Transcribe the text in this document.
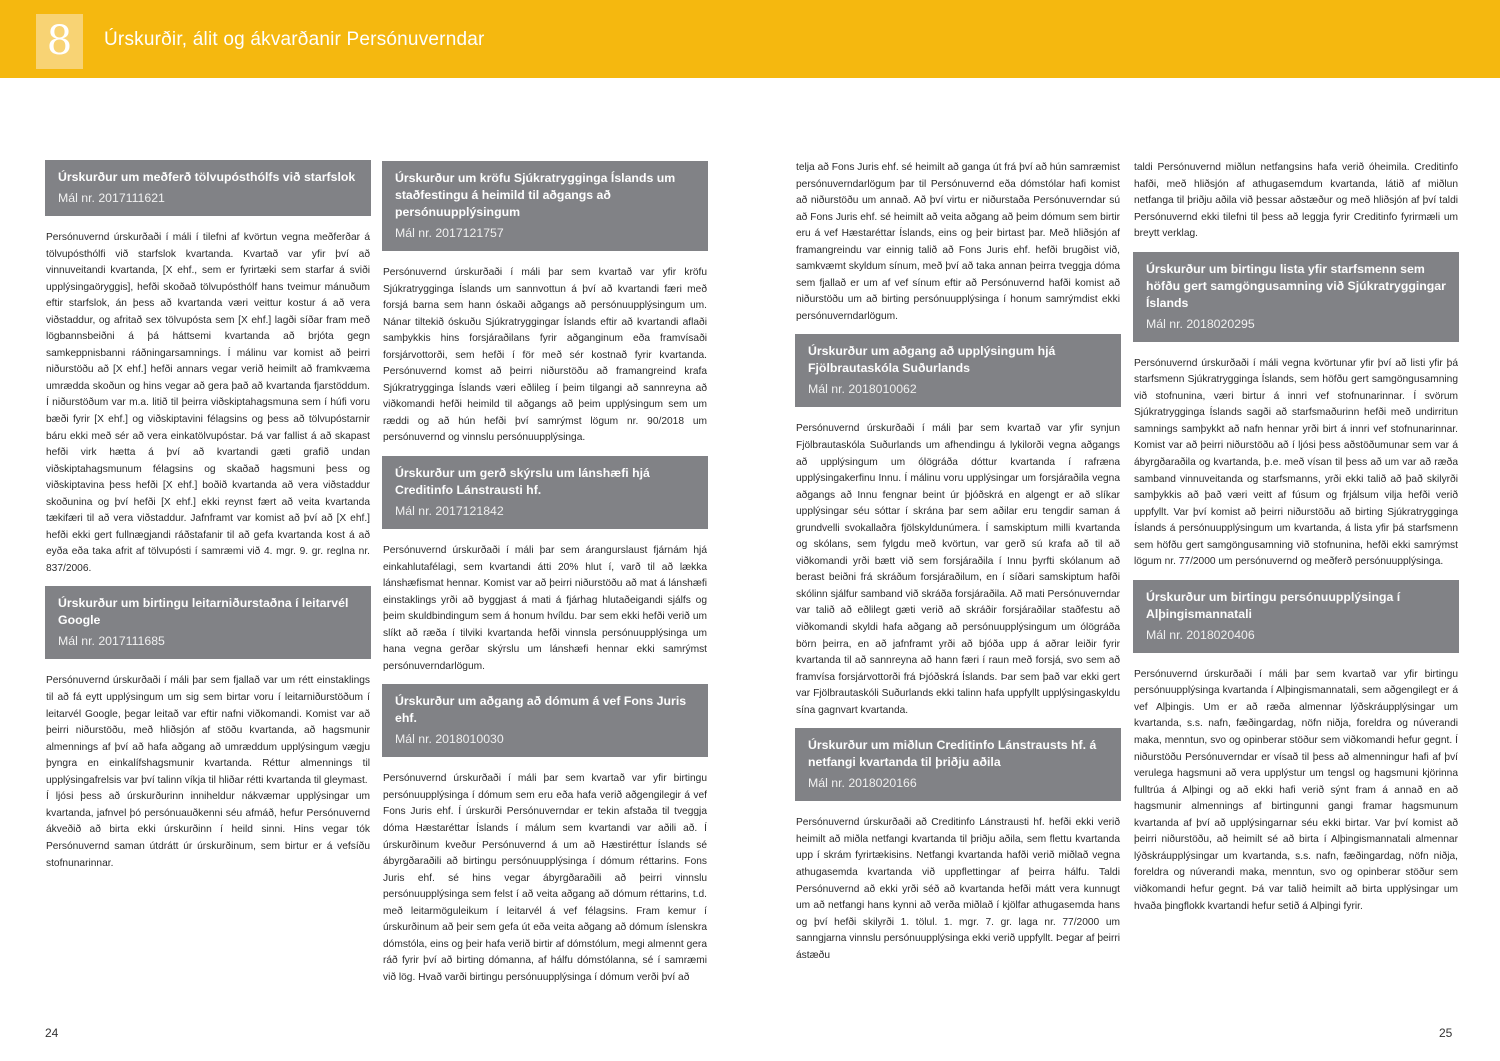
8	Úrskurðir, álit og ákvarðanir Persónuverndar
Úrskurður um meðferð tölvupósthólfs við starfslok
Mál nr. 2017111621

Persónuvernd úrskurðaði í máli í tilefni af kvörtun vegna meðferðar á tölvupósthólfi við starfslok kvartanda. Kvartað var yfir því að vinnuveitandi kvartanda, [X ehf., sem er fyrirtæki sem starfar á sviði upplýsingaöryggis], hefði skoðað tölvupósthólf hans tveimur mánuðum eftir starfslok, án þess að kvartanda væri veittur kostur á að vera viðstaddur, og afritað sex tölvupósta sem [X ehf.] lagði síðar fram með lögbannsbeiðni á þá háttsemi kvartanda að brjóta gegn samkeppnisbanni ráðningarsamnings. Í málinu var komist að þeirri niðurstöðu að [X ehf.] hefði annars vegar verið heimilt að framkvæma umrædda skoðun og hins vegar að gera það að kvartanda fjarstöddum. Í niðurstöðum var m.a. litið til þeirra viðskiptahagsmuna sem í húfi voru bæði fyrir [X ehf.] og viðskiptavini félagsins og þess að tölvupóstarnir báru ekki með sér að vera einkatölvupóstar. Þá var fallist á að skapast hefði virk hætta á því að kvartandi gæti grafið undan viðskiptahagsmunum félagsins og skaðað hagsmuni þess og viðskiptavina þess hefði [X ehf.] boðið kvartanda að vera viðstaddur skoðunina og því hefði [X ehf.] ekki reynst fært að veita kvartanda tækifæri til að vera viðstaddur. Jafnframt var komist að því að [X ehf.] hefði ekki gert fullnægjandi ráðstafanir til að gefa kvartanda kost á að eyða eða taka afrit af tölvupósti í samræmi við 4. mgr. 9. gr. reglna nr. 837/2006.

Úrskurður um birtingu leitarniðurstaðna í leitarvél Google
Mál nr. 2017111685

Persónuvernd úrskurðaði í máli þar sem fjallað var um rétt einstaklings til að fá eytt upplýsingum um sig sem birtar voru í leitarniðurstöðum í leitarvél Google, þegar leitað var eftir nafni viðkomandi. Komist var að þeirri niðurstöðu, með hliðsjón af stöðu kvartanda, að hagsmunir almennings af því að hafa aðgang að umræddum upplýsingum vægju þyngra en einkalífshagsmunir kvartanda. Réttur almennings til upplýsingafrelsis var því talinn víkja til hliðar rétti kvartanda til gleymast.

Í ljósi þess að úrskurðurinn inniheldur nákvæmar upplýsingar um kvartanda, jafnvel þó persónuauðkenni séu afmáð, hefur Persónuvernd ákveðið að birta ekki úrskurðinn í heild sinni. Hins vegar tók Persónuvernd saman útdrátt úr úrskurðinum, sem birtur er á vefsíðu stofnunarinnar.

Úrskurður um kröfu Sjúkratrygginga Íslands um staðfestingu á heimild til aðgangs að persónuupplýsingum
Mál nr. 2017121757

Persónuvernd úrskurðaði í máli þar sem kvartað var yfir kröfu Sjúkratrygginga Íslands um sannvottun á því að kvartandi færi með forsjá barna sem hann óskaði aðgangs að persónuupplýsingum um. Nánar tiltekið óskuðu Sjúkratryggingar Íslands eftir að kvartandi aflaði samþykkis hins forsjáraðilans fyrir aðganginum eða framvísaði forsjárvottorði, sem hefði í för með sér kostnað fyrir kvartanda. Persónuvernd komst að þeirri niðurstöðu að framangreind krafa Sjúkratrygginga Íslands væri eðlileg í þeim tilgangi að sannreyna að viðkomandi hefði heimild til aðgangs að þeim upplýsingum sem um ræddi og að hún hefði því samrýmst lögum nr. 90/2018 um persónuvernd og vinnslu persónuupplýsinga.

Úrskurður um gerð skýrslu um lánshæfi hjá Creditinfo Lánstrausti hf.
Mál nr. 2017121842

Persónuvernd úrskurðaði í máli þar sem árangurslaust fjárnám hjá einkahlutafélagi, sem kvartandi átti 20% hlut í, varð til að lækka lánshæfismat hennar. Komist var að þeirri niðurstöðu að mat á lánshæfi einstaklings yrði að byggjast á mati á fjárhag hlutaðeigandi sjálfs og þeim skuldbindingum sem á honum hvíldu. Þar sem ekki hefði verið um slíkt að ræða í tilviki kvartanda hefði vinnsla persónuupplýsinga um hana vegna gerðar skýrslu um lánshæfi hennar ekki samrýmst persónuverndarlögum.

Úrskurður um aðgang að dómum á vef Fons Juris ehf.
Mál nr. 2018010030

Persónuvernd úrskurðaði í máli þar sem kvartað var yfir birtingu persónuupplýsinga í dómum sem eru eða hafa verið aðgengilegir á vef Fons Juris ehf. Í úrskurði Persónuverndar er tekin afstaða til tveggja dóma Hæstaréttar Íslands í málum sem kvartandi var aðili að. Í úrskurðinum kveður Persónuvernd á um að Hæstiréttur Íslands sé ábyrgðaraðili að birtingu persónuupplýsinga í dómum réttarins. Fons Juris ehf. sé hins vegar ábyrgðaraðili að þeirri vinnslu persónuupplýsinga sem felst í að veita aðgang að dómum réttarins, t.d. með leitarmöguleikum í leitarvél á vef félagsins. Fram kemur í úrskurðinum að þeir sem gefa út eða veita aðgang að dómum íslenskra dómstóla, eins og þeir hafa verið birtir af dómstólum, megi almennt gera ráð fyrir því að birting dómanna, af hálfu dómstólanna, sé í samræmi við lög. Hvað varði birtingu persónuupplýsinga í dómum verði því að

telja að Fons Juris ehf. sé heimilt að ganga út frá því að hún samræmist persónuverndarlögum þar til Persónuvernd eða dómstólar hafi komist að niðurstöðu um annað. Að því virtu er niðurstaða Persónuverndar sú að Fons Juris ehf. sé heimilt að veita aðgang að þeim dómum sem birtir eru á vef Hæstaréttar Íslands, eins og þeir birtast þar. Með hliðsjón af framangreindu var einnig talið að Fons Juris ehf. hefði brugðist við, samkvæmt skyldum sínum, með því að taka annan þeirra tveggja dóma sem fjallað er um af vef sínum eftir að Persónuvernd hafði komist að niðurstöðu um að birting persónuupplýsinga í honum samrýmdist ekki persónuverndarlögum.

Úrskurður um aðgang að upplýsingum hjá Fjölbrautaskóla Suðurlands
Mál nr. 2018010062

Persónuvernd úrskurðaði í máli þar sem kvartað var yfir synjun Fjölbrautaskóla Suðurlands um afhendingu á lykilorði vegna aðgangs að upplýsingum um ólögráða dóttur kvartanda í rafræna upplýsingakerfinu Innu. Í málinu voru upplýsingar um forsjáraðila vegna aðgangs að Innu fengnar beint úr þjóðskrá en algengt er að slíkar upplýsingar séu sóttar í skrána þar sem aðilar eru tengdir saman á grundvelli svokallaðra fjölskyldunúmera. Í samskiptum milli kvartanda og skólans, sem fylgdu með kvörtun, var gerð sú krafa að til að viðkomandi yrði bætt við sem forsjáraðila í Innu þyrfti skólanum að berast beiðni frá skráðum forsjáraðilum, en í síðari samskiptum hafði skólinn sjálfur samband við skráða forsjáraðila. Að mati Persónuverndar var talið að eðlilegt gæti verið að skráðir forsjáraðilar staðfestu að viðkomandi skyldi hafa aðgang að persónuupplýsingum um ólögráða börn þeirra, en að jafnframt yrði að bjóða upp á aðrar leiðir fyrir kvartanda til að sannreyna að hann færi í raun með forsjá, svo sem að framvísa forsjárvottorði frá Þjóðskrá Íslands. Þar sem það var ekki gert var Fjölbrautaskóli Suðurlands ekki talinn hafa uppfyllt upplýsingaskyldu sína gagnvart kvartanda.

Úrskurður um miðlun Creditinfo Lánstrausts hf. á netfangi kvartanda til þriðju aðila
Mál nr. 2018020166

Persónuvernd úrskurðaði að Creditinfo Lánstrausti hf. hefði ekki verið heimilt að miðla netfangi kvartanda til þriðju aðila, sem flettu kvartanda upp í skrám fyrirtækisins. Netfangi kvartanda hafði verið miðlað vegna athugasemda kvartanda við uppflettingar af þeirra hálfu. Taldi Persónuvernd að ekki yrði séð að kvartanda hefði mátt vera kunnugt um að netfangi hans kynni að verða miðlað í kjölfar athugasemda hans og því hefði skilyrði 1. tölul. 1. mgr. 7. gr. laga nr. 77/2000 um sanngjarna vinnslu persónuupplýsinga ekki verið uppfyllt. Þegar af þeirri ástæðu

taldi Persónuvernd miðlun netfangsins hafa verið óheimila. Creditinfo hafði, með hliðsjón af athugasemdum kvartanda, látið af miðlun netfanga til þriðju aðila við þessar aðstæður og með hliðsjón af því taldi Persónuvernd ekki tilefni til þess að leggja fyrir Creditinfo fyrirmæli um breytt verklag.

Úrskurður um birtingu lista yfir starfsmenn sem höfðu gert samgöngusamning við Sjúkratryggingar Íslands
Mál nr. 2018020295

Persónuvernd úrskurðaði í máli vegna kvörtunar yfir því að listi yfir þá starfsmenn Sjúkratrygginga Íslands, sem höfðu gert samgöngusamning við stofnunina, væri birtur á innri vef stofnunarinnar. Í svörum Sjúkratrygginga Íslands sagði að starfsmaðurinn hefði með undirritun samnings samþykkt að nafn hennar yrði birt á innri vef stofnunarinnar. Komist var að þeirri niðurstöðu að í ljósi þess aðstöðumunar sem var á ábyrgðaraðila og kvartanda, þ.e. með vísan til þess að um var að ræða samband vinnuveitanda og starfsmanns, yrði ekki talið að það skilyrði samþykkis að það væri veitt af fúsum og frjálsum vilja hefði verið uppfyllt. Var því komist að þeirri niðurstöðu að birting Sjúkratrygginga Íslands á persónuupplýsingum um kvartanda, á lista yfir þá starfsmenn sem höfðu gert samgöngusamning við stofnunina, hefði ekki samrýmst lögum nr. 77/2000 um persónuvernd og meðferð persónuupplýsinga.

Úrskurður um birtingu persónuupplýsinga í Alþingismannatali
Mál nr. 2018020406

Persónuvernd úrskurðaði í máli þar sem kvartað var yfir birtingu persónuupplýsinga kvartanda í Alþingismannatali, sem aðgengilegt er á vef Alþingis. Um er að ræða almennar lýðskráupplýsingar um kvartanda, s.s. nafn, fæðingardag, nöfn niðja, foreldra og núverandi maka, menntun, svo og opinberar stöður sem viðkomandi hefur gegnt. Í niðurstöðu Persónuverndar er vísað til þess að almenningur hafi af því verulega hagsmuni að vera upplýstur um tengsl og hagsmuni kjörinna fulltrúa á Alþingi og að ekki hafi verið sýnt fram á annað en að hagsmunir almennings af birtingunni gangi framar hagsmunum kvartanda af því að upplýsingarnar séu ekki birtar. Var því komist að þeirri niðurstöðu, að heimilt sé að birta í Alþingismannatali almennar lýðskráupplýsingar um kvartanda, s.s. nafn, fæðingardag, nöfn niðja, foreldra og núverandi maka, menntun, svo og opinberar stöður sem viðkomandi hefur gegnt. Þá var talið heimilt að birta upplýsingar um hvaða þingflokk kvartandi hefur setið á Alþingi fyrir.

24	25
